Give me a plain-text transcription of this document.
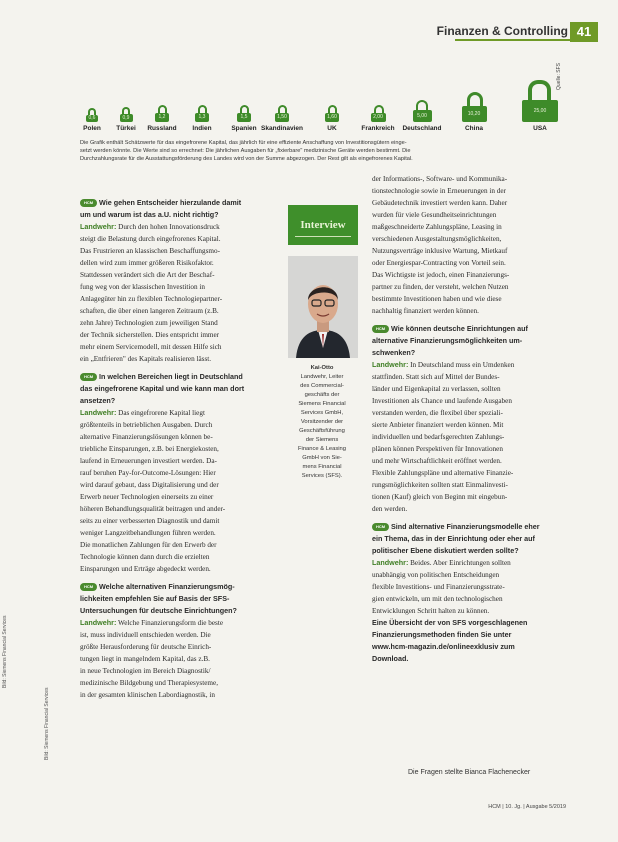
Finanzen & Controlling 41
0,6
Polen
0,9
Türkei
1,2
Russland
1,3
Indien
1,5
Spanien
1,50
Skandinavien
1,60
UK
2,00
Frankreich
5,00
Deutschland
10,20
China
25,00
USA
Quelle: SFS
Die Grafik enthält Schätzwerte für das eingefrorene Kapital, das jährlich für eine effiziente Anschaffung von Investitionsgütern einge-
setzt werden könnte. Die Werte sind so errechnet: Die jährlichen Ausgaben für „fixierbare" medizinische Geräte werden bestimmt. Die
Durchzahlungsrate für die Ausstattungsförderung des Landes wird von der Summe abgezogen. Der Rest gilt als eingefrorenes Kapital.

HCM Wie gehen Entscheider hierzulande damit
um und warum ist das a.U. nicht richtig?

Landwehr: Durch den hohen Innovationsdruck
steigt die Belastung durch eingefrorenes Kapital.
Das Frustrieren an klassischen Beschaffungsmo-
dellen wird zum immer größeren Risikofaktor.
Stattdessen verändert sich die Art der Beschaf-
fung weg von der klassischen Investition in
Anlagegüter hin zu flexiblen Technologiepartner-
schaften, die über einen langeren Zeitraum (z.B.
zehn Jahre) Technologien zum jeweiligen Stand
der Technik sicherstellen. Dies entspricht immer
mehr einem Servicemodell, mit dessen Hilfe sich
ein „Entfrieren" des Kapitals realisieren lässt.

HCM In welchen Bereichen liegt in Deutschland
das eingefrorene Kapital und wie kann man dort
ansetzen?

Landwehr: Das eingefrorene Kapital liegt
größtenteils in betrieblichen Ausgaben. Durch
alternative Finanzierungslösungen können be-
triebliche Einsparungen, z.B. bei Energiekosten,
laufend in Erneuerungen investiert werden. Da-
rauf beruhen Pay-for-Outcome-Lösungen: Hier
wird darauf gebaut, dass Digitalisierung und der
Erwerb neuer Technologien einerseits zu einer
höheren Behandlungsqualität beitragen und ander-
seits zu einer verbesserten Diagnostik und damit
weniger Langzeitbehandlungen führen werden.
Die monatlichen Zahlungen für den Erwerb der
Technologie können dann durch die erzielten
Einsparungen und Erträge abgedeckt werden.

HCM Welche alternativen Finanzierungsmög-
lichkeiten empfehlen Sie auf Basis der SFS-
Untersuchungen für deutsche Einrichtungen?

Landwehr: Welche Finanzierungsform die beste
ist, muss individuell entschieden werden. Die
größte Herausforderung für deutsche Einrich-
tungen liegt in mangelndem Kapital, das z.B.
in neue Technologien im Bereich Diagnostik/
medizinische Bildgebung und Therapiesysteme,
in der gesamten klinischen Labordiagnostik, in

Interview
Kai-Otto
Landwehr, Leiter
des Commercial-
geschäfts der
Siemens Financial
Services GmbH,
Vorsitzender der
Geschäftsführung
der Siemens
Finance & Leasing
GmbH von Sie-
mens Financial
Services (SFS).

der Informations-, Software- und Kommunika-
tionstechnologie sowie in Erneuerungen in der
Gebäudetechnik investiert werden kann. Daher
wurden für viele Gesundheitseinrichtungen
maßgeschneiderte Zahlungspläne, Leasing in
verschiedenen Ausgestaltungsmöglichkeiten,
Nutzungsverträge inklusive Wartung, Mietkauf
oder Energiespar-Contracting von Vorteil sein.
Das Wichtigste ist jedoch, einen Finanzierungs-
partner zu finden, der versteht, welchen Nutzen
bestimmte Investitionen haben und wie diese
nachhaltig finanziert werden können.

HCM Wie können deutsche Einrichtungen auf
alternative Finanzierungsmöglichkeiten um-
schwenken?

Landwehr: In Deutschland muss ein Umdenken
stattfinden. Statt sich auf Mittel der Bundes-
länder und Eigenkapital zu verlassen, sollten
Investitionen als Chance und laufende Ausgaben
verstanden werden, die flexibel über speziali-
sierte Anbieter finanziert werden können. Mit
individuellen und bedarfsgerechten Zahlungs-
plänen können Perspektiven für Innovationen
und mehr Wirtschaftlichkeit eröffnet werden.
Flexible Zahlungspläne und alternative Finanzie-
rungsmöglichkeiten sollten statt Einmalinvesti-
tionen (Kauf) gleich von Beginn mit eingebun-
den werden.

HCM Sind alternative Finanzierungsmodelle eher
ein Thema, das in der Einrichtung oder eher auf
politischer Ebene diskutiert werden sollte?

Landwehr: Beides. Aber Einrichtungen sollten
unabhängig von politischen Entscheidungen
flexible Investitions- und Finanzierungsstrate-
gien entwickeln, um mit den technologischen
Entwicklungen Schritt halten zu können.

Eine Übersicht der von SFS vorgeschlagenen
Finanzierungsmethoden finden Sie unter
www.hcm-magazin.de/onlineexklusiv zum
Download.

Die Fragen stellte Bianca Flachenecker
Bild: Siemens Financial Services
Bild: Siemens Financial Services
HCM | 10. Jg. | Ausgabe 5/2019
